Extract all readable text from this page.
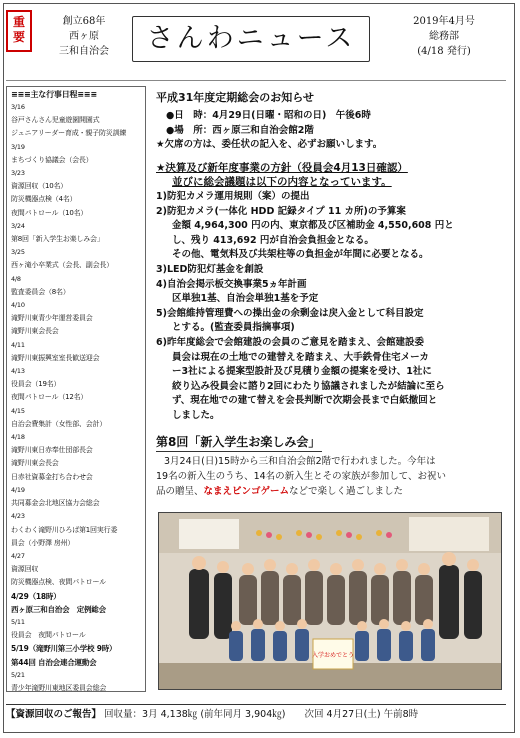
重要
創立68年
西ヶ原
三和自治会	さんわニュース
2019年4月号
総務部
(4/18 発行)
≡≡≡主な行事日程≡≡≡
3/16
谷戸さんさん児童遊園開園式
ジュニアリーダー育成・親子防災訓練
3/19
まちづくり協議会（会長）
3/23
資源回収（10名）
防災機器点検（4名）
夜間パトロール（10名）
3/24
第8回「新入学生お楽しみ会」
3/25
西ヶ滝小卒業式（会長、副会長）
4/8
監査委員会（8名）
4/10
滝野川東青少年運営委員会
滝野川東会長会
4/11
滝野川東振興室室長歓送迎会
4/13
役員会（19名）
夜間パトロール（12名）
4/15
自治会費集計（女性部、会計）
4/18
滝野川東日赤奉仕団部長会
滝野川東会長会
日赤社資募金打ち合わせ会
4/19
共同募金会北地区協力会総会
4/23
わくわく滝野川ひろば第1回実行委
員会（小野澤 房州）
4/27
資源回収
防災機器点検、夜間パトロール
4/29（18時）
西ヶ原三和自治会　定例総会
5/11
役員会　夜間パトロール
5/19（滝野川第三小学校 9時）
第44回 自治会連合運動会
5/21
青少年滝野川東地区委員会総会
平成31年度定期総会のお知らせ
●日　時：4月29日(日曜・昭和の日)　午後6時
●場　所：西ヶ原三和自治会館2階
★欠席の方は、委任状の記入を、必ずお願いします。
★決算及び新年度事業の方針（役員会4月13日確認）
並びに総会議題は以下の内容となっています。
1)防犯カメラ運用規則（案）の提出
2)防犯カメラ(一体化 HDD 記録タイプ 11 カ所)の予算案
金額 4,964,300 円の内、東京都及び区補助金 4,550,608 円と
し、残り 413,692 円が自治会負担金となる。
その他、電気料及び共架柱等の負担金が年間に必要となる。
3)LED防犯灯基金を創設
4)自治会掲示板交換事業5ヵ年計画
区単独1基、自治会単独1基を予定
5)会館維持管理費への操出金の余剰金は戻入金として科目設定
とする。(監査委員指摘事項)
6)昨年度総会で会館建設の会員のご意見を踏まえ、会館建設委
員会は現在の土地での建替えを踏まえ、大手鉄骨住宅メーカ
ー3社による提案型設計及び見積り金額の提案を受け、1社に
絞り込み役員会に諮り2回にわたり協議されましたが結論に至ら
ず、現在地での建て替えを会長判断で次期会長まで白紙撤回と
しました。
第8回「新入学生お楽しみ会」
3月24日(日)15時から三和自治会館2階で行われました。今年は
19名の新入生のうち、14名の新入生とその家族が参加して、お祝い
品の贈呈、なまえビンゴゲームなどで楽しく過ごしました
入学おめでとう
【資源回収のご報告】 回収量：3月 4,138㎏ (前年同月 3,904㎏) 次回 4月27日(土) 午前8時
